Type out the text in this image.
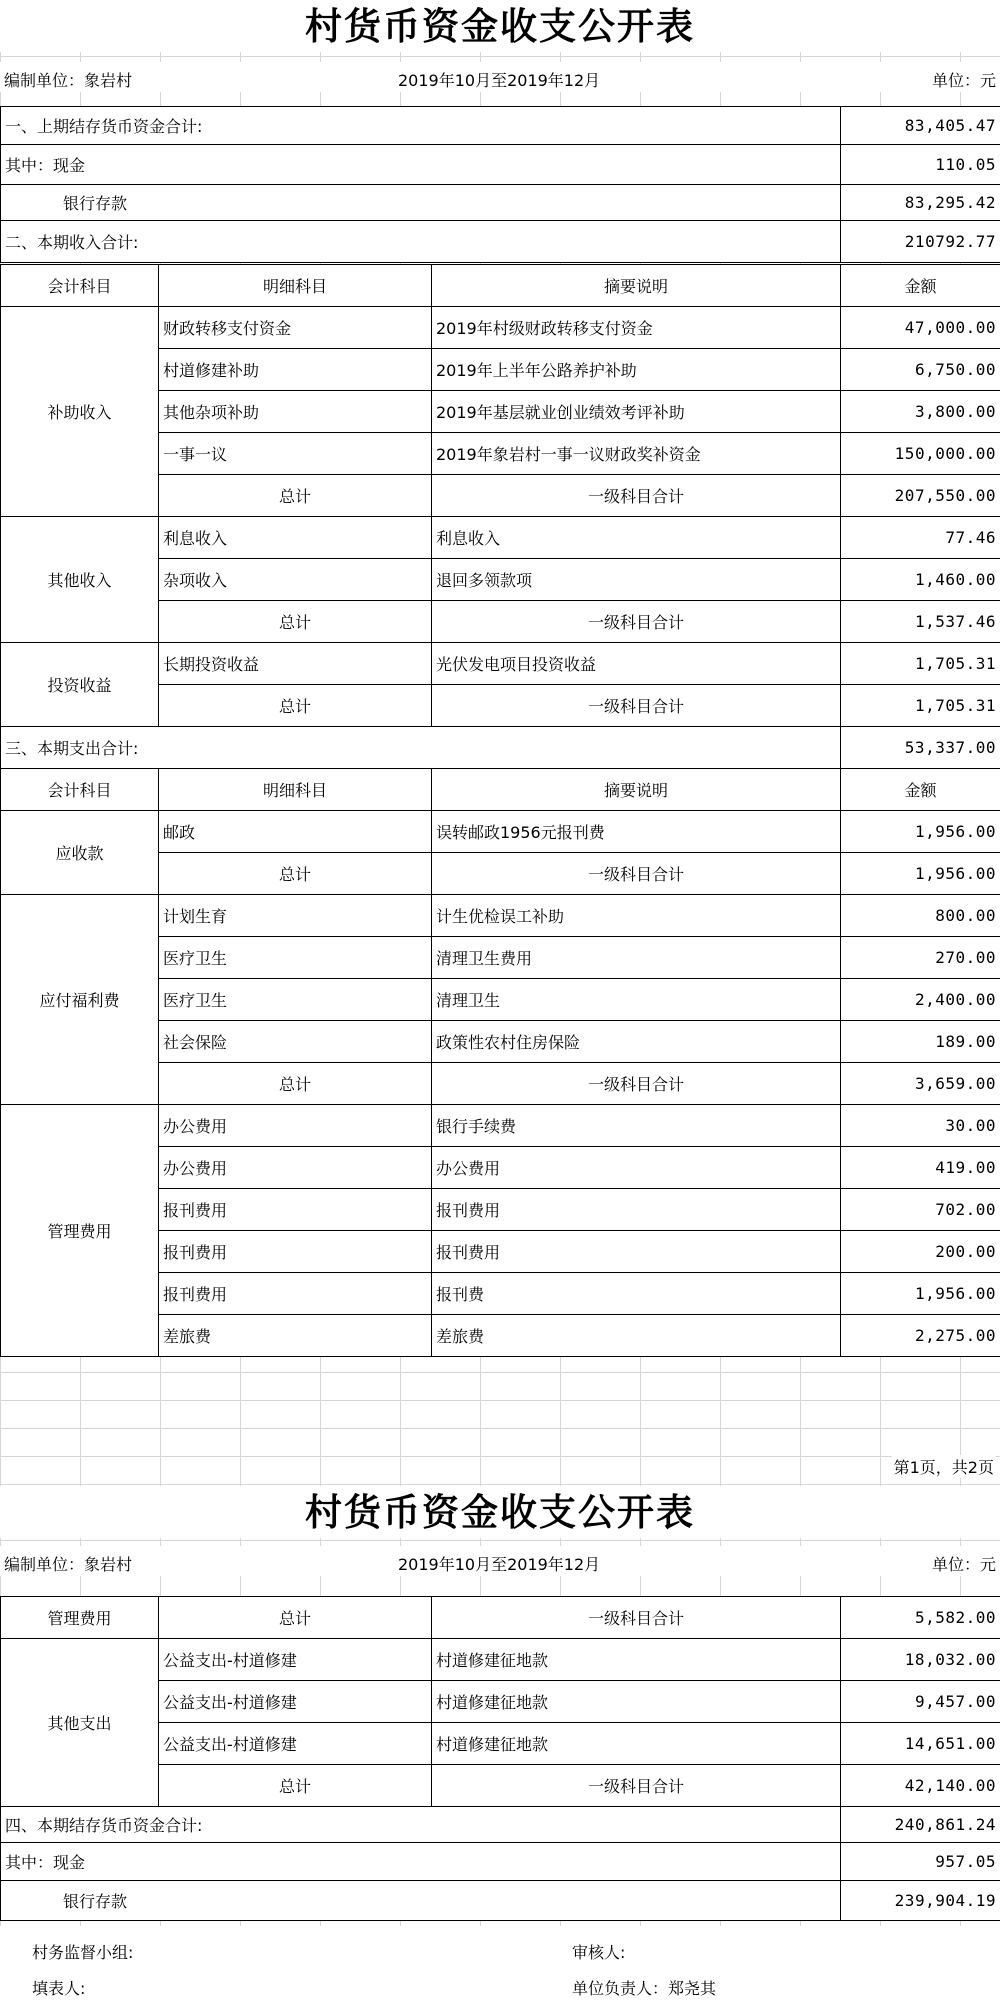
村货币资金收支公开表
编制单位：象岩村	2019年10月至2019年12月	单位：元
一、上期结存货币资金合计:	83,405.47
其中：现金	110.05
银行存款	83,295.42
二、本期收入合计:	210792.77
会计科目	明细科目	摘要说明	金额
补助收入	财政转移支付资金	2019年村级财政转移支付资金	47,000.00
	村道修建补助	2019年上半年公路养护补助	6,750.00
	其他杂项补助	2019年基层就业创业绩效考评补助	3,800.00
	一事一议	2019年象岩村一事一议财政奖补资金	150,000.00
	总计	一级科目合计	207,550.00
其他收入	利息收入	利息收入	77.46
	杂项收入	退回多领款项	1,460.00
	总计	一级科目合计	1,537.46
投资收益	长期投资收益	光伏发电项目投资收益	1,705.31
	总计	一级科目合计	1,705.31
三、本期支出合计:	53,337.00
会计科目	明细科目	摘要说明	金额
应收款	邮政	误转邮政1956元报刊费	1,956.00
	总计	一级科目合计	1,956.00
应付福利费	计划生育	计生优检误工补助	800.00
	医疗卫生	清理卫生费用	270.00
	医疗卫生	清理卫生	2,400.00
	社会保险	政策性农村住房保险	189.00
	总计	一级科目合计	3,659.00
管理费用	办公费用	银行手续费	30.00
	办公费用	办公费用	419.00
	报刊费用	报刊费用	702.00
	报刊费用	报刊费用	200.00
	报刊费用	报刊费	1,956.00
	差旅费	差旅费	2,275.00
第1页，共2页
村货币资金收支公开表
编制单位：象岩村	2019年10月至2019年12月	单位：元
管理费用	总计	一级科目合计	5,582.00
其他支出	公益支出-村道修建	村道修建征地款	18,032.00
	公益支出-村道修建	村道修建征地款	9,457.00
	公益支出-村道修建	村道修建征地款	14,651.00
	总计	一级科目合计	42,140.00
四、本期结存货币资金合计:	240,861.24
其中：现金	957.05
银行存款	239,904.19
村务监督小组:	审核人:
填表人:	单位负责人：郑尧其
